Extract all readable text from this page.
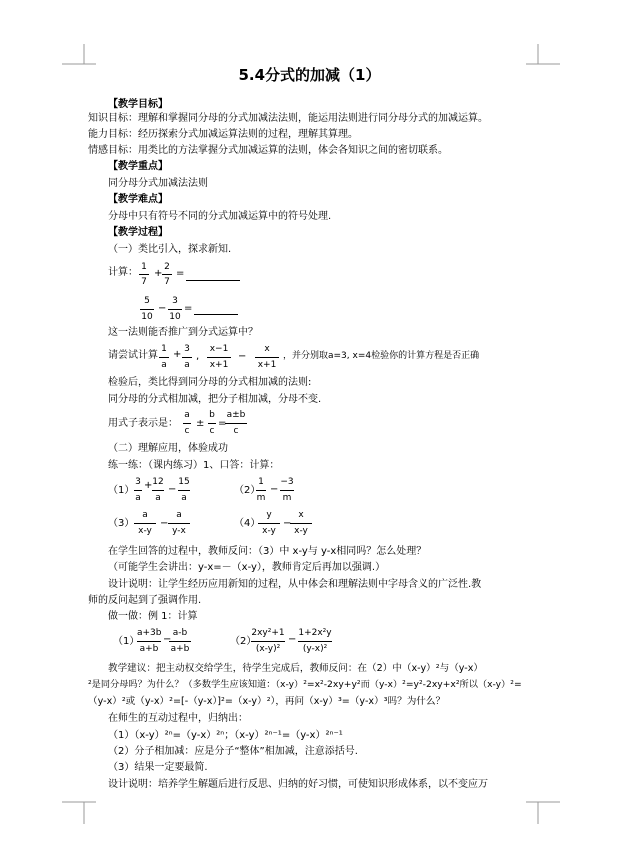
5.4分式的加减（1）
【教学目标】
知识目标：理解和掌握同分母的分式加减法法则，能运用法则进行同分母分式的加减运算。
能力目标：经历探索分式加减运算法则的过程，理解其算理。
情感目标：用类比的方法掌握分式加减运算的法则，体会各知识之间的密切联系。
【教学重点】
同分母分式加减法法则
【教学难点】
分母中只有符号不同的分式加减运算中的符号处理.
【教学过程】
（一）类比引入，探求新知.
计算： 1
7
+
2
7
=
5
10
−
3
10
=
这一法则能否推广到分式运算中？
请尝试计算
1
a
+ 3
a
,
x−1
x+1
−
x
x+1
，并分别取a=3, x=4检验你的计算方程是否正确
检验后，类比得到同分母的分式相加减的法则:
同分母的分式相加减，把分子相加减，分母不变.
用式子表示是：
a
c
±
b
c
=
a±b
c
（二）理解应用，体验成功
练一练：（课内练习）1、口答：计算：
（1）
3
a
+ 12
a
−
15
a
（2）
1
m
−
−3
m
（3）
a
x-y
−
a
y-x
（4）
y
x-y
−
x
x-y
在学生回答的过程中，教师反问：（3）中 x-y与 y-x相同吗？怎么处理？
（可能学生会讲出：y-x=－（x-y），教师肯定后再加以强调.）
设计说明：让学生经历应用新知的过程，从中体会和理解法则中字母含义的广泛性.教
师的反问起到了强调作用.
做一做：例 1：计算
（1）
a+3b
a+b
−
a-b
a+b
（2）
2xy²+1
(x-y)²
−
1+2x²y
(y-x)²
教学建议：把主动权交给学生，待学生完成后，教师反问：在（2）中（x-y）²与（y-x）
²是同分母吗？为什么？（多数学生应该知道：（x-y）²=x²-2xy+y²而（y-x）²=y²-2xy+x²所以（x-y）²=
（y-x）²或（y-x）²=[-（y-x）]²=（x-y）²），再问（x-y）³=（y-x）³吗？为什么？
在师生的互动过程中，归纳出：
（1）（x-y）²ⁿ=（y-x）²ⁿ；（x-y）²ⁿ⁻¹=（y-x）²ⁿ⁻¹
（2）分子相加减：应是分子“整体”相加减，注意添括号.
（3）结果一定要最简.
设计说明：培养学生解题后进行反思、归纳的好习惯，可使知识形成体系，以不变应万
